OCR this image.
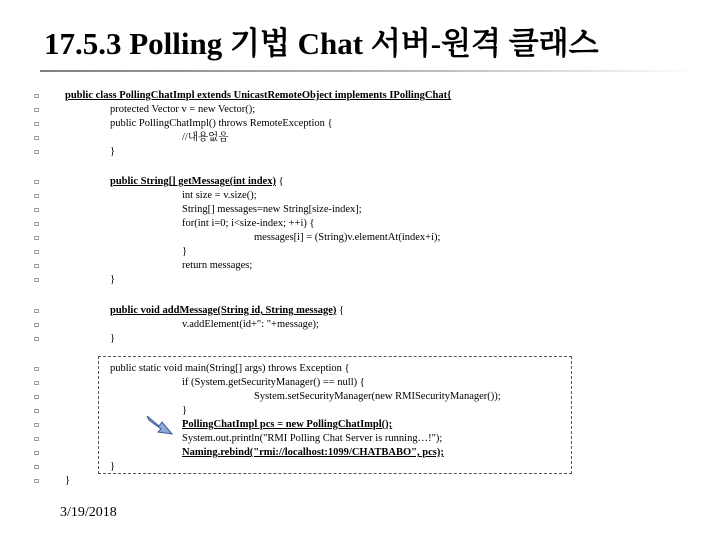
17.5.3 Polling 기법 Chat 서버-원격 클래스
▫
▫
▫
▫
▫
▫
▫
▫
▫
▫
▫
▫
▫
▫
▫
▫
▫
▫
▫
▫
▫
▫
▫
▫
▫
public class PollingChatImpl extends UnicastRemoteObject implements IPollingChat{
protected Vector v = new Vector();
public PollingChatImpl() throws RemoteException {
//내용없음
}
public String[] getMessage(int index) {
int size = v.size();
String[] messages=new String[size-index];
for(int i=0; i<size-index; ++i) {
messages[i] = (String)v.elementAt(index+i);
}
return messages;
}
public void addMessage(String id, String message) {
v.addElement(id+": "+message);
}
public static void main(String[] args) throws Exception {
if (System.getSecurityManager() == null) {
System.setSecurityManager(new RMISecurityManager());
}
PollingChatImpl pcs = new PollingChatImpl();
System.out.println("RMI Polling Chat Server is running…!");
Naming.rebind("rmi://localhost:1099/CHATBABO", pcs);
}
}
3/19/2018
